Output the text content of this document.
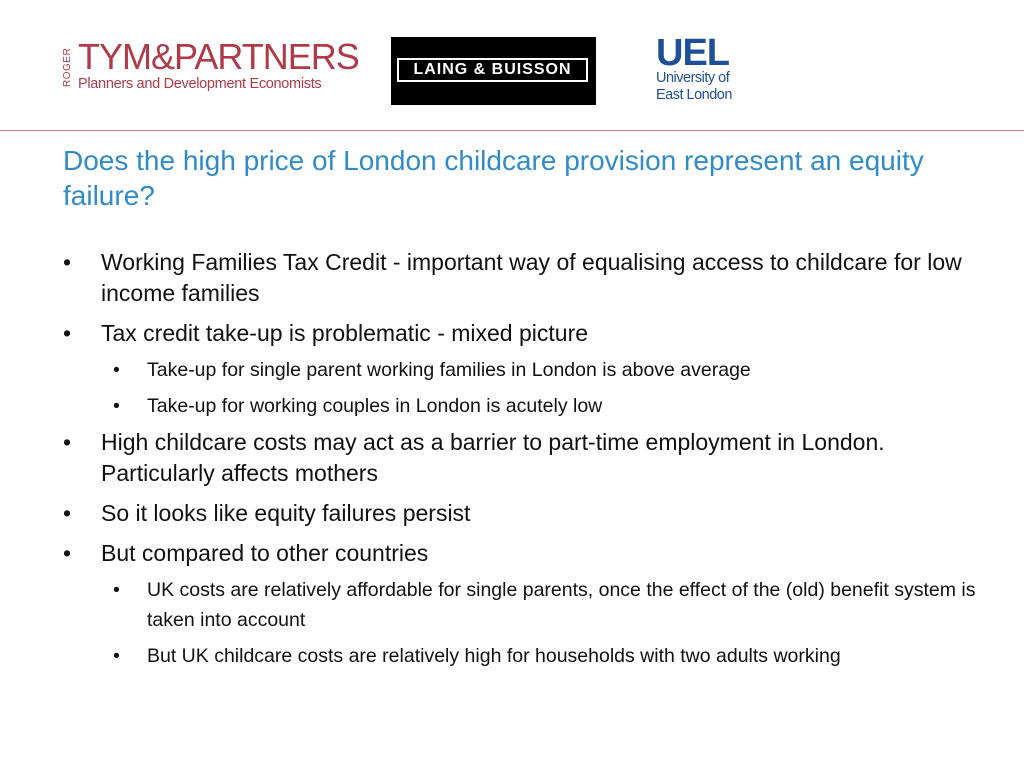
ROGER TYM&PARTNERS
Planners and Development Economists
LAING & BUISSON	UEL
University of
East London
Does the high price of London childcare provision represent an equity failure?
•	Working Families Tax Credit - important way of equalising access to childcare for low income families
•	Tax credit take-up is problematic - mixed picture
•	Take-up for single parent working families in London is above average
•	Take-up for working couples in London is acutely low
•	High childcare costs may act as a barrier to part-time employment in London. Particularly affects mothers
•	So it looks like equity failures persist
•	But compared to other countries
•	UK costs are relatively affordable for single parents, once the effect of the (old) benefit system is taken into account
•	But UK childcare costs are relatively high for households with two adults working
